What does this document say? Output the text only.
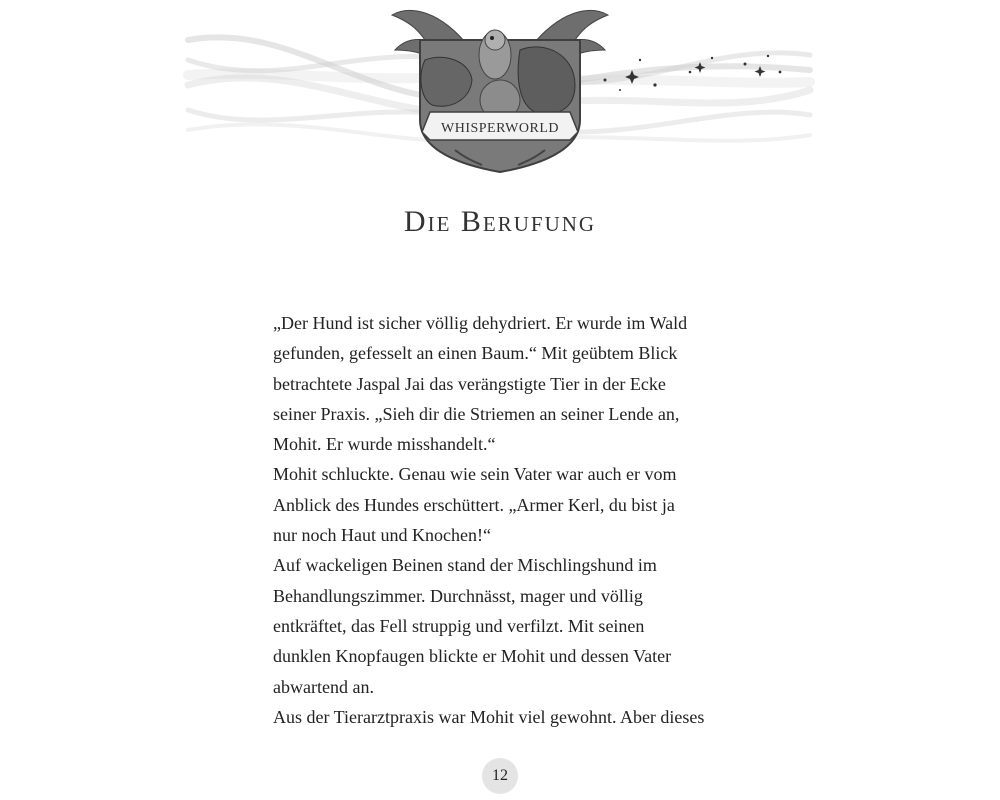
WHISPERWORLD
Die Berufung
„Der Hund ist sicher völlig dehydriert. Er wurde im Wald
gefunden, gefesselt an einen Baum.“ Mit geübtem Blick
betrachtete Jaspal Jai das verängstigte Tier in der Ecke
seiner Praxis. „Sieh dir die Striemen an seiner Lende an,
Mohit. Er wurde misshandelt.“
Mohit schluckte. Genau wie sein Vater war auch er vom
Anblick des Hundes erschüttert. „Armer Kerl, du bist ja
nur noch Haut und Knochen!“
Auf wackeligen Beinen stand der Mischlingshund im
Behandlungszimmer. Durchnässt, mager und völlig
entkräftet, das Fell struppig und verfilzt. Mit seinen
dunklen Knopfaugen blickte er Mohit und dessen Vater
abwartend an.
Aus der Tierarztpraxis war Mohit viel gewohnt. Aber dieses
12
